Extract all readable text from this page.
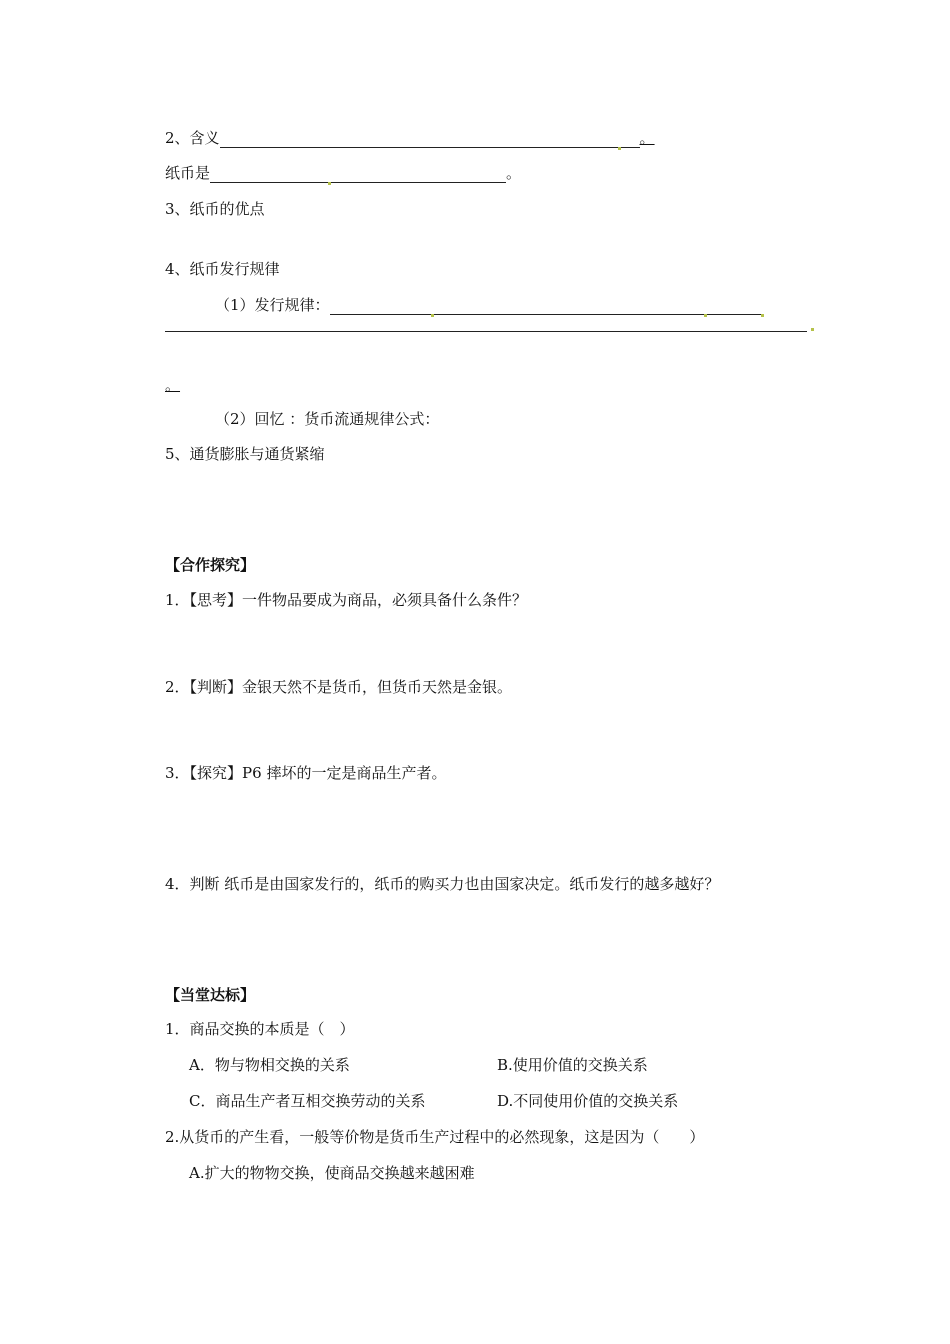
2、含义	。
纸币是	。
3、纸币的优点
4、纸币发行规律
（1）发行规律：
。
（2）回忆 ：货币流通规律公式：
5、通货膨胀与通货紧缩
【合作探究】
1．【思考】一件物品要成为商品，必须具备什么条件？
2．【判断】金银天然不是货币，但货币天然是金银。
3．【探究】P6 摔坏的一定是商品生产者。
4．判断 纸币是由国家发行的，纸币的购买力也由国家决定。纸币发行的越多越好？
【当堂达标】
1．商品交换的本质是（　）
A．物与物相交换的关系	B.使用价值的交换关系
C．商品生产者互相交换劳动的关系	D.不同使用价值的交换关系
2.从货币的产生看，一般等价物是货币生产过程中的必然现象，这是因为（　　）
A.扩大的物物交换，使商品交换越来越困难
